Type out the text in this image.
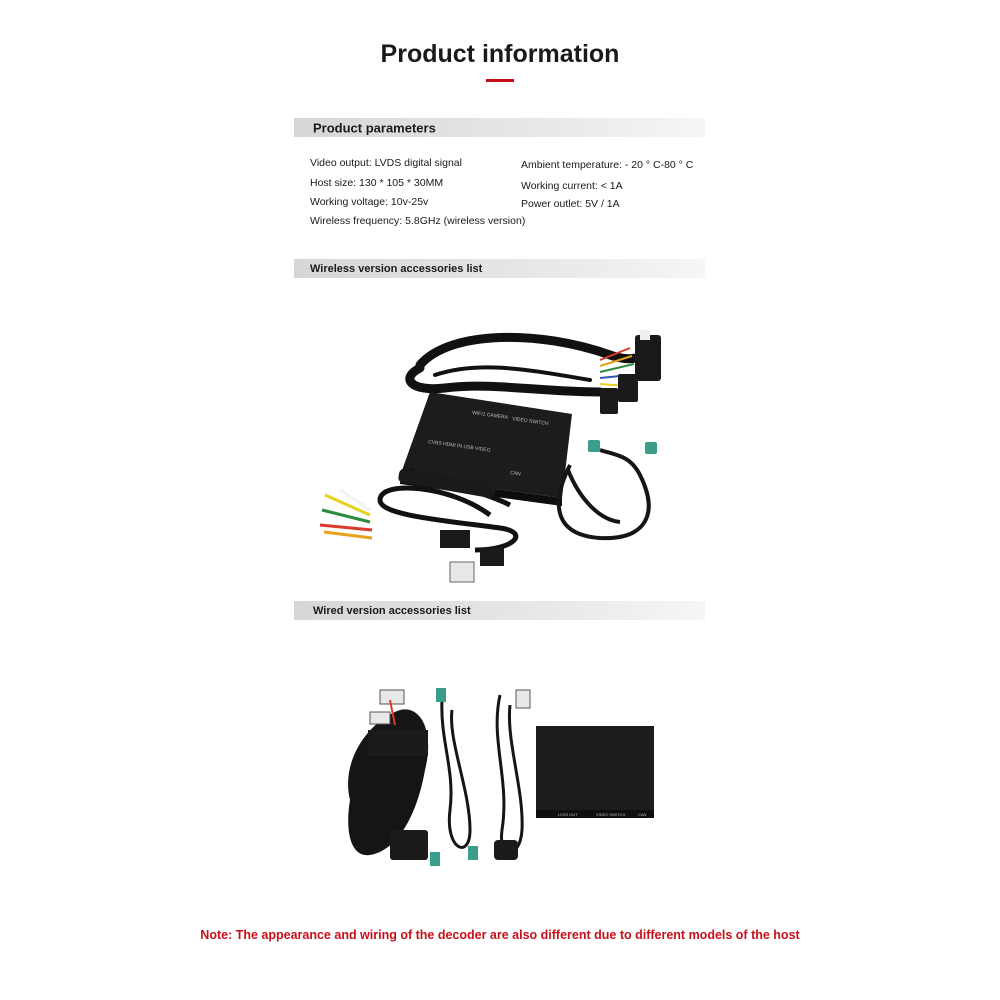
Product information
Product parameters
Video output: LVDS digital signal
Host size: 130 * 105 * 30MM
Working voltage: 10v-25v
Wireless frequency: 5.8GHz (wireless version)
Ambient temperature: - 20 ° C-80 ° C
Working current: < 1A
Power outlet: 5V / 1A
Wireless version accessories list
WIFI1 CAMERA
VIDEO SWITCH
CVBS HDMI IN USB VIDEO
CAN
Wired version accessories list
LVDS OUT	VIDEO SWITCH	CAN
Note: The appearance and wiring of the decoder are also different due to different models of the host
